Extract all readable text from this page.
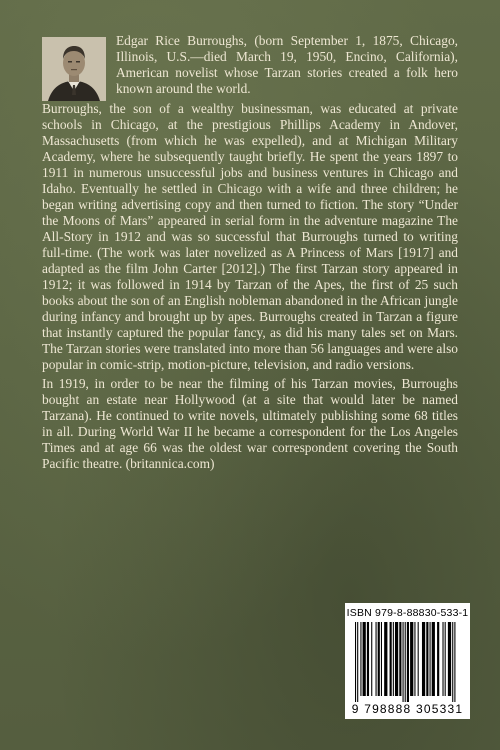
Edgar Rice Burroughs, (born September 1, 1875, Chicago, Illinois, U.S.—died March 19, 1950, Encino, California), American novelist whose Tarzan stories created a folk hero known around the world.

Burroughs, the son of a wealthy businessman, was educated at private schools in Chicago, at the prestigious Phillips Academy in Andover, Massachusetts (from which he was expelled), and at Michigan Military Academy, where he subsequently taught briefly. He spent the years 1897 to 1911 in numerous unsuccessful jobs and business ventures in Chicago and Idaho. Eventually he settled in Chicago with a wife and three children; he began writing advertising copy and then turned to fiction. The story “Under the Moons of Mars” appeared in serial form in the adventure magazine The All-Story in 1912 and was so successful that Burroughs turned to writing full-time. (The work was later novelized as A Princess of Mars [1917] and adapted as the film John Carter [2012].) The first Tarzan story appeared in 1912; it was followed in 1914 by Tarzan of the Apes, the first of 25 such books about the son of an English nobleman abandoned in the African jungle during infancy and brought up by apes. Burroughs created in Tarzan a figure that instantly captured the popular fancy, as did his many tales set on Mars. The Tarzan stories were translated into more than 56 languages and were also popular in comic-strip, motion-picture, television, and radio versions.

In 1919, in order to be near the filming of his Tarzan movies, Burroughs bought an estate near Hollywood (at a site that would later be named Tarzana). He continued to write novels, ultimately publishing some 68 titles in all. During World War II he became a correspondent for the Los Angeles Times and at age 66 was the oldest war correspondent covering the South Pacific theatre. (britannica.com)

ISBN 979-8-88830-533-1
9 798888 305331
